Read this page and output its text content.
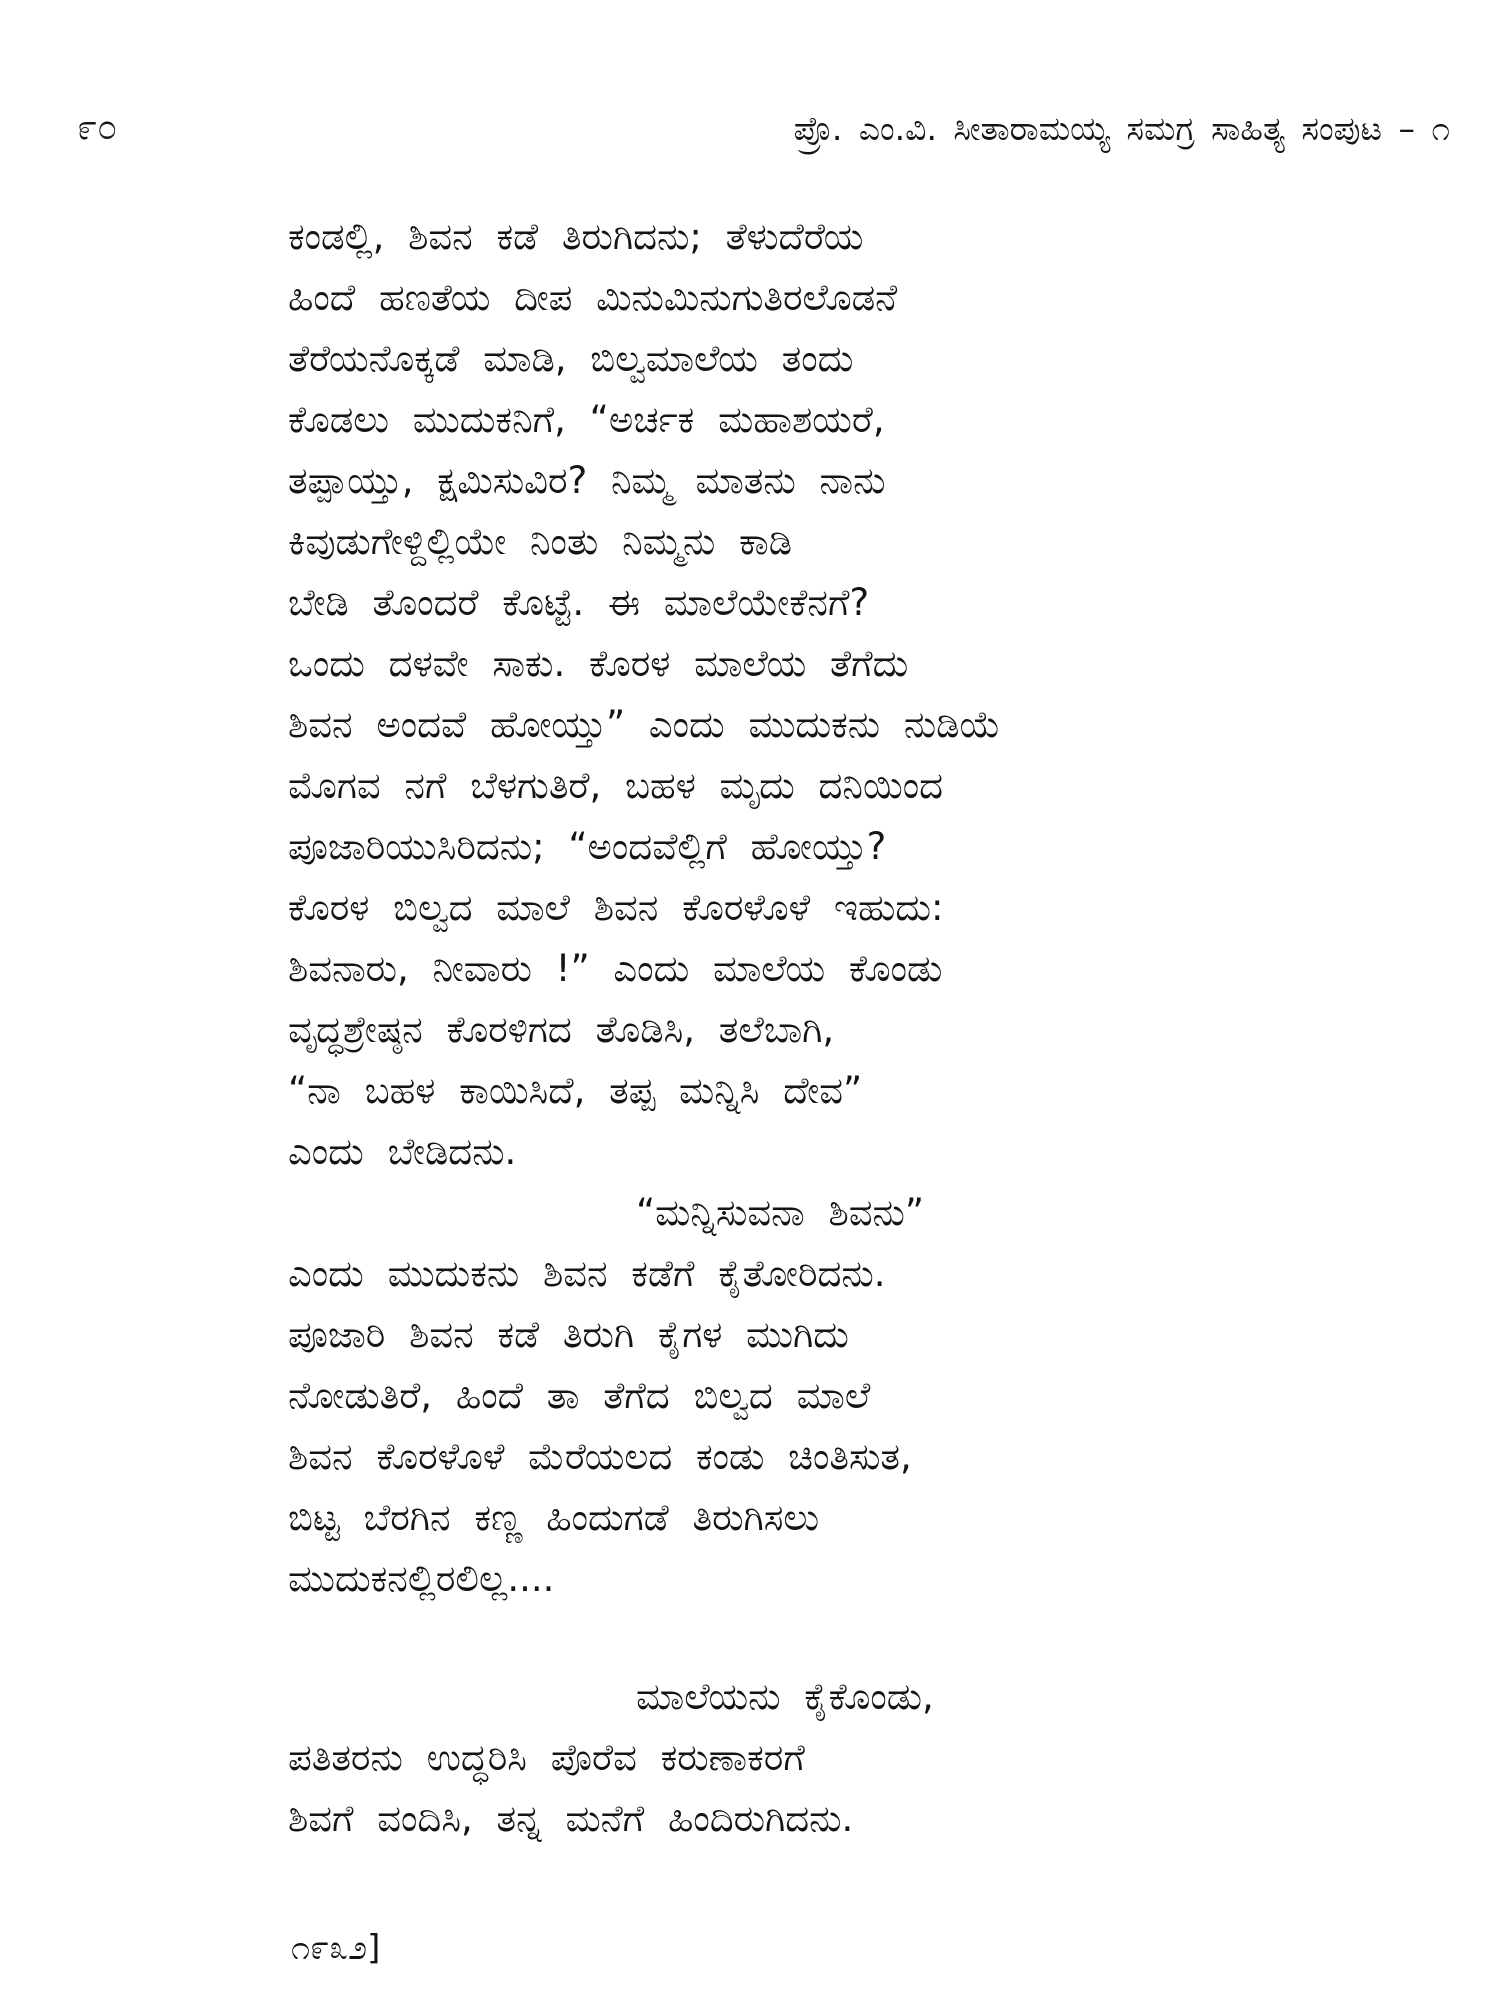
೯೦	ಪ್ರೊ. ಎಂ.ವಿ. ಸೀತಾರಾಮಯ್ಯ ಸಮಗ್ರ ಸಾಹಿತ್ಯ ಸಂಪುಟ – ೧
ಕಂಡಲ್ಲಿ, ಶಿವನ ಕಡೆ ತಿರುಗಿದನು; ತೆಳುದೆರೆಯ
ಹಿಂದೆ ಹಣತೆಯ ದೀಪ ಮಿನುಮಿನುಗುತಿರಲೊಡನೆ
ತೆರೆಯನೊಕ್ಕಡೆ ಮಾಡಿ, ಬಿಲ್ವಮಾಲೆಯ ತಂದು
ಕೊಡಲು ಮುದುಕನಿಗೆ, “ಅರ್ಚಕ ಮಹಾಶಯರೆ,
ತಪ್ಪಾಯ್ತು, ಕ್ಷಮಿಸುವಿರ? ನಿಮ್ಮ ಮಾತನು ನಾನು
ಕಿವುಡುಗೇಳ್ದಿಲ್ಲಿಯೇ ನಿಂತು ನಿಮ್ಮನು ಕಾಡಿ
ಬೇಡಿ ತೊಂದರೆ ಕೊಟ್ಟೆ. ಈ ಮಾಲೆಯೇಕೆನಗೆ?
ಒಂದು ದಳವೇ ಸಾಕು. ಕೊರಳ ಮಾಲೆಯ ತೆಗೆದು
ಶಿವನ ಅಂದವೆ ಹೋಯ್ತು” ಎಂದು ಮುದುಕನು ನುಡಿಯೆ
ಮೊಗವ ನಗೆ ಬೆಳಗುತಿರೆ, ಬಹಳ ಮೃದು ದನಿಯಿಂದ
ಪೂಜಾರಿಯುಸಿರಿದನು; “ಅಂದವೆಲ್ಲಿಗೆ ಹೋಯ್ತು?
ಕೊರಳ ಬಿಲ್ವದ ಮಾಲೆ ಶಿವನ ಕೊರಳೊಳೆ ಇಹುದು:
ಶಿವನಾರು, ನೀವಾರು !” ಎಂದು ಮಾಲೆಯ ಕೊಂಡು
ವೃದ್ಧಶ್ರೇಷ್ಠನ ಕೊರಳಿಗದ ತೊಡಿಸಿ, ತಲೆಬಾಗಿ,
“ನಾ ಬಹಳ ಕಾಯಿಸಿದೆ, ತಪ್ಪ ಮನ್ನಿಸಿ ದೇವ”
ಎಂದು ಬೇಡಿದನು.
“ಮನ್ನಿಸುವನಾ ಶಿವನು”
ಎಂದು ಮುದುಕನು ಶಿವನ ಕಡೆಗೆ ಕೈತೋರಿದನು.
ಪೂಜಾರಿ ಶಿವನ ಕಡೆ ತಿರುಗಿ ಕೈಗಳ ಮುಗಿದು
ನೋಡುತಿರೆ, ಹಿಂದೆ ತಾ ತೆಗೆದ ಬಿಲ್ವದ ಮಾಲೆ
ಶಿವನ ಕೊರಳೊಳೆ ಮೆರೆಯಲದ ಕಂಡು ಚಿಂತಿಸುತ,
ಬಿಟ್ಟ ಬೆರಗಿನ ಕಣ್ಣ ಹಿಂದುಗಡೆ ತಿರುಗಿಸಲು
ಮುದುಕನಲ್ಲಿರಲಿಲ್ಲ....
ಮಾಲೆಯನು ಕೈಕೊಂಡು,
ಪತಿತರನು ಉದ್ಧರಿಸಿ ಪೊರೆವ ಕರುಣಾಕರಗೆ
ಶಿವಗೆ ವಂದಿಸಿ, ತನ್ನ ಮನೆಗೆ ಹಿಂದಿರುಗಿದನು.
೧೯೩೨]
